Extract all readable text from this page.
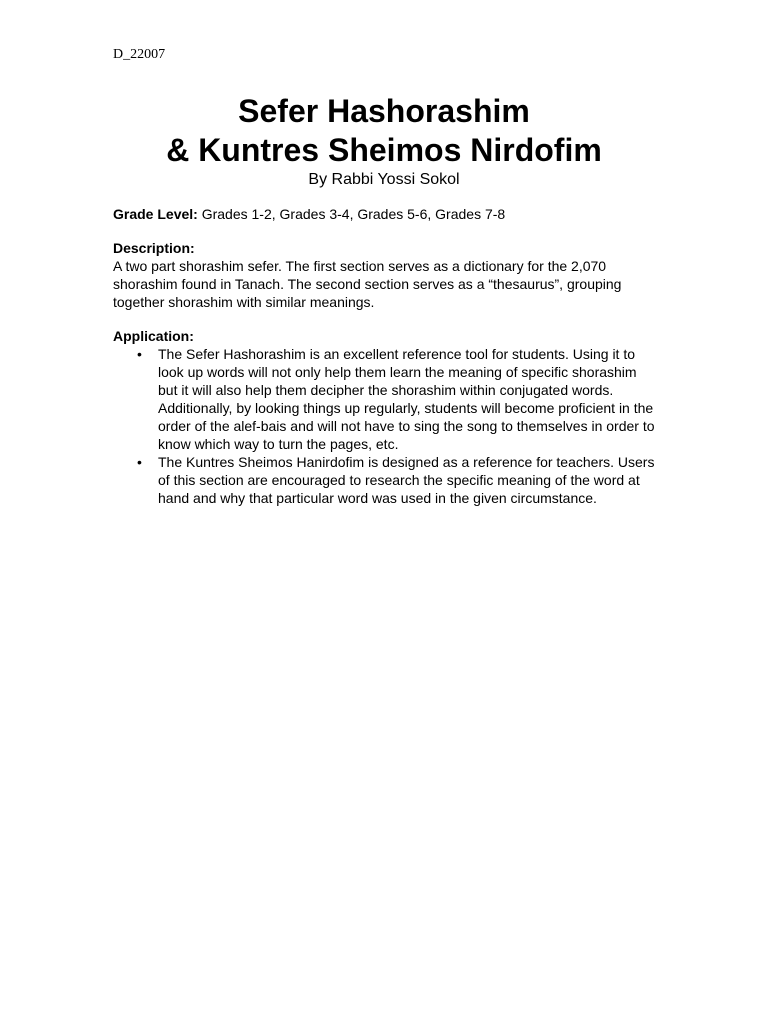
D_22007

Sefer Hashorashim

& Kuntres Sheimos Nirdofim

By Rabbi Yossi Sokol

Grade Level: Grades 1-2, Grades 3-4, Grades 5-6, Grades 7-8

Description:

A two part shorashim sefer. The first section serves as a dictionary for the 2,070 shorashim found in Tanach. The second section serves as a “thesaurus”, grouping together shorashim with similar meanings.

Application:

• The Sefer Hashorashim is an excellent reference tool for students. Using it to look up words will not only help them learn the meaning of specific shorashim but it will also help them decipher the shorashim within conjugated words. Additionally, by looking things up regularly, students will become proficient in the order of the alef-bais and will not have to sing the song to themselves in order to know which way to turn the pages, etc.
• The Kuntres Sheimos Hanirdofim is designed as a reference for teachers. Users of this section are encouraged to research the specific meaning of the word at hand and why that particular word was used in the given circumstance.
